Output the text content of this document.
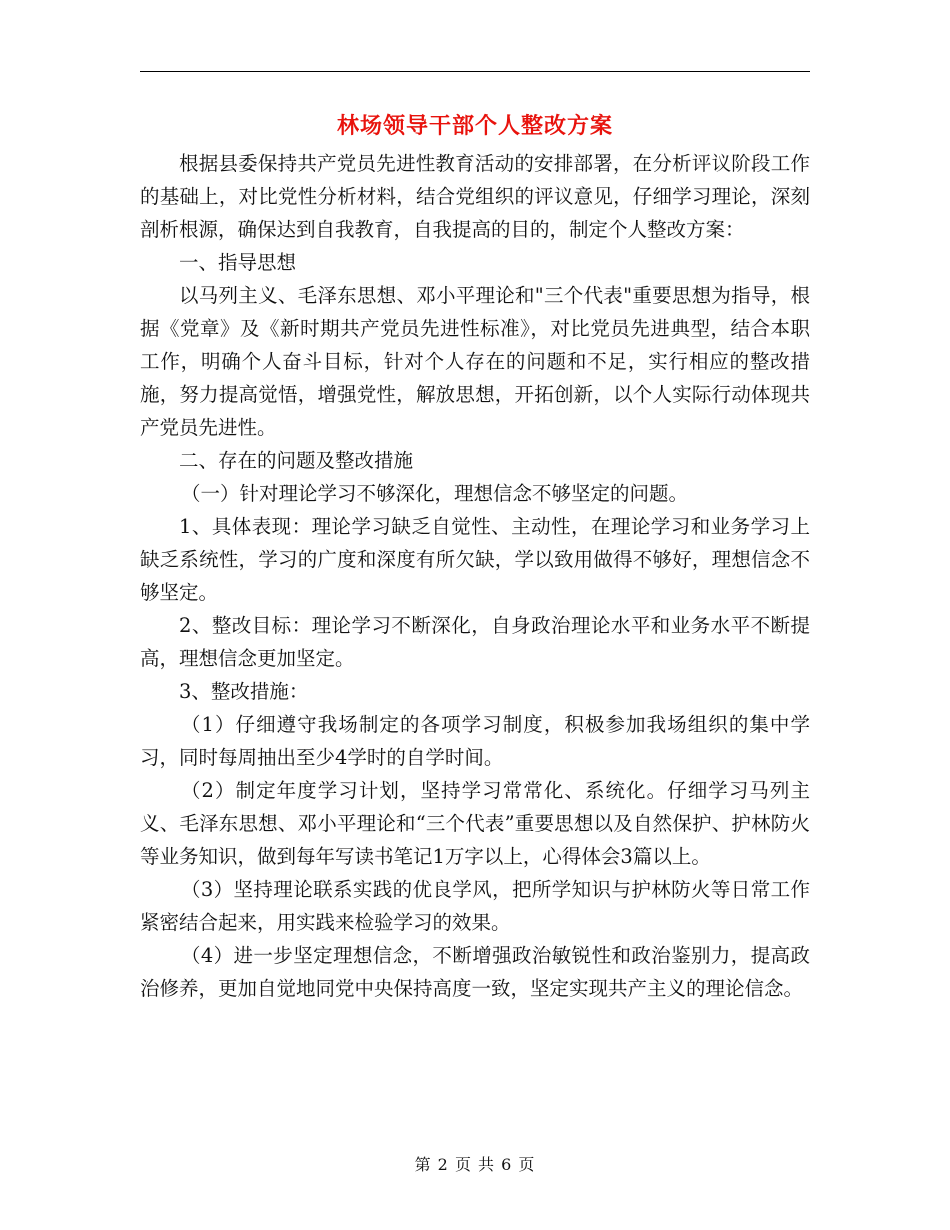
林场领导干部个人整改方案

根据县委保持共产党员先进性教育活动的安排部署，在分析评议阶段工作的基础上，对比党性分析材料，结合党组织的评议意见，仔细学习理论，深刻剖析根源，确保达到自我教育，自我提高的目的，制定个人整改方案：

一、指导思想

以马列主义、毛泽东思想、邓小平理论和"三个代表"重要思想为指导，根据《党章》及《新时期共产党员先进性标准》，对比党员先进典型，结合本职工作，明确个人奋斗目标，针对个人存在的问题和不足，实行相应的整改措施，努力提高觉悟，增强党性，解放思想，开拓创新，以个人实际行动体现共产党员先进性。

二、存在的问题及整改措施

（一）针对理论学习不够深化，理想信念不够坚定的问题。

1、具体表现：理论学习缺乏自觉性、主动性，在理论学习和业务学习上缺乏系统性，学习的广度和深度有所欠缺，学以致用做得不够好，理想信念不够坚定。

2、整改目标：理论学习不断深化，自身政治理论水平和业务水平不断提高，理想信念更加坚定。

3、整改措施：

（1）仔细遵守我场制定的各项学习制度，积极参加我场组织的集中学习，同时每周抽出至少4学时的自学时间。

（2）制定年度学习计划，坚持学习常常化、系统化。仔细学习马列主义、毛泽东思想、邓小平理论和“三个代表”重要思想以及自然保护、护林防火等业务知识，做到每年写读书笔记1万字以上，心得体会3篇以上。

（3）坚持理论联系实践的优良学风，把所学知识与护林防火等日常工作紧密结合起来，用实践来检验学习的效果。

（4）进一步坚定理想信念，不断增强政治敏锐性和政治鉴别力，提高政治修养，更加自觉地同党中央保持高度一致，坚定实现共产主义的理论信念。

第 2 页 共 6 页
